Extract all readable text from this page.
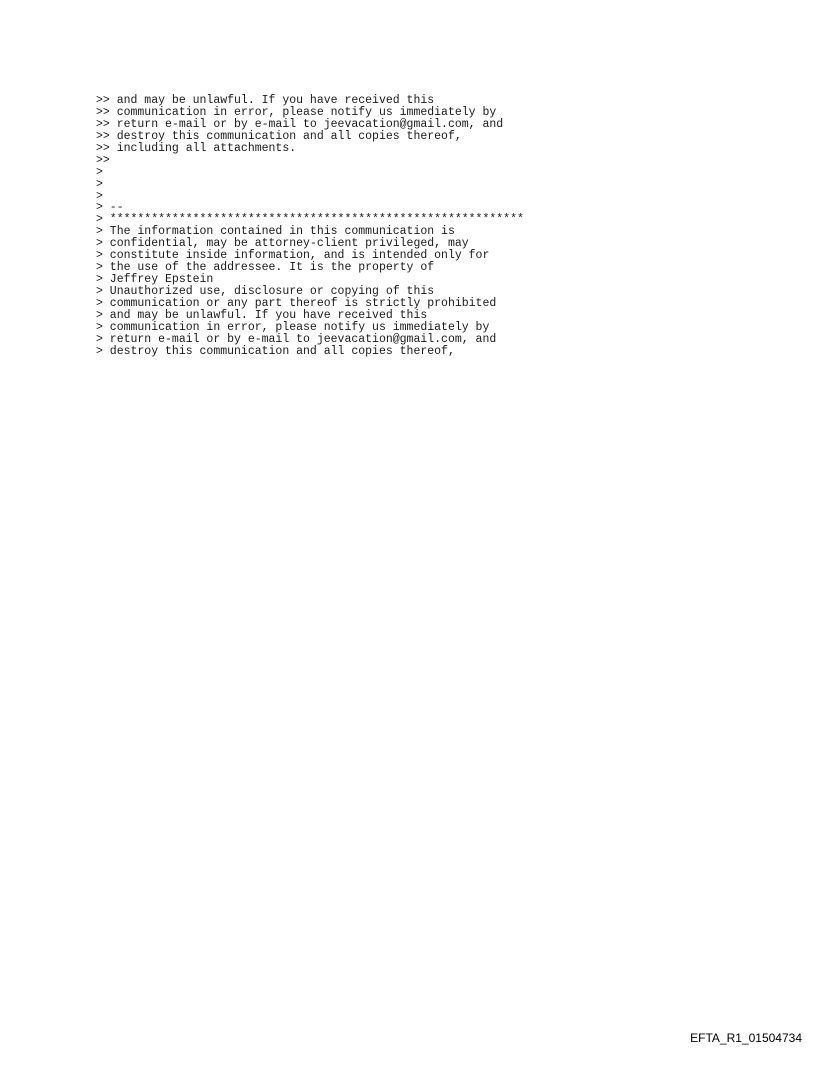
>> and may be unlawful. If you have received this
>> communication in error, please notify us immediately by
>> return e-mail or by e-mail to jeevacation@gmail.com, and
>> destroy this communication and all copies thereof,
>> including all attachments.
>>
>
>
>
> --
> ************************************************************
> The information contained in this communication is
> confidential, may be attorney-client privileged, may
> constitute inside information, and is intended only for
> the use of the addressee. It is the property of
> Jeffrey Epstein
> Unauthorized use, disclosure or copying of this
> communication or any part thereof is strictly prohibited
> and may be unlawful. If you have received this
> communication in error, please notify us immediately by
> return e-mail or by e-mail to jeevacation@gmail.com, and
> destroy this communication and all copies thereof,
EFTA_R1_01504734
